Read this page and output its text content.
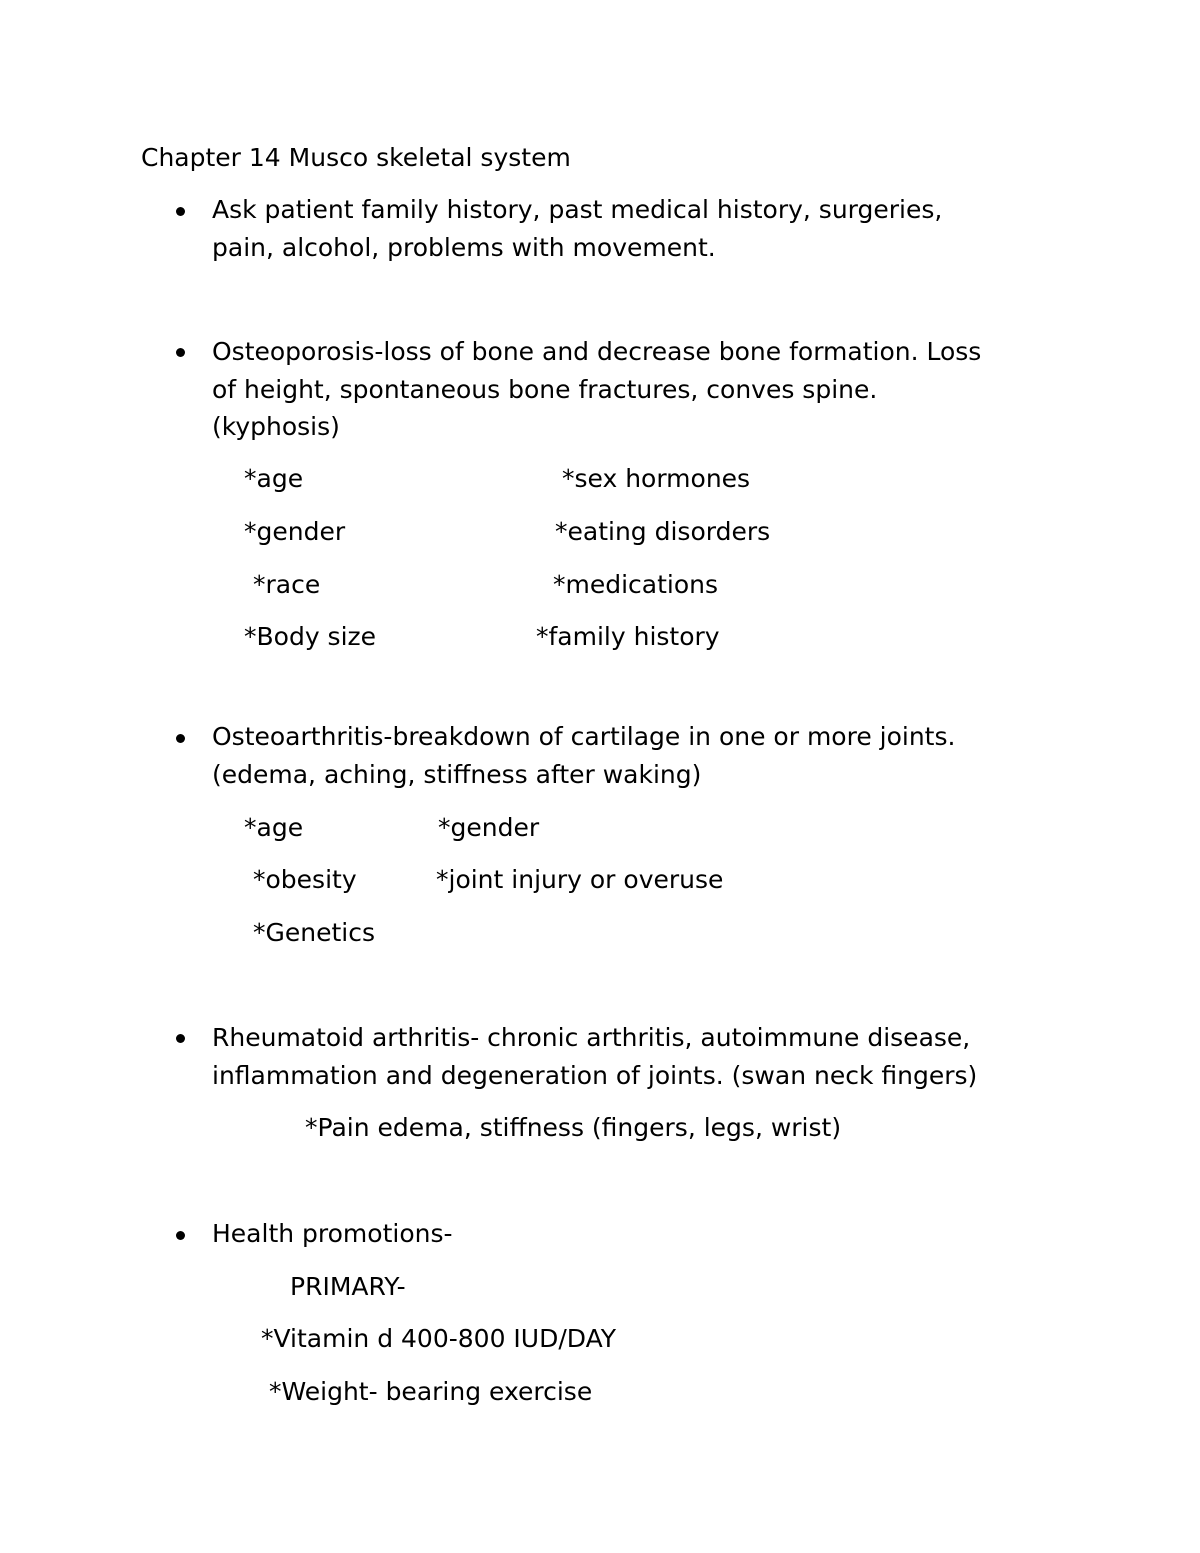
Chapter 14 Musco skeletal system

Ask patient family history, past medical history, surgeries,

pain, alcohol, problems with movement.

Osteoporosis-loss of bone and decrease bone formation. Loss

of height, spontaneous bone fractures, conves spine.

(kyphosis)

*age	*sex hormones

*gender	*eating disorders

*race	*medications

*Body size	*family history

Osteoarthritis-breakdown of cartilage in one or more joints.

(edema, aching, stiffness after waking)

*age	*gender

*obesity	*joint injury or overuse

*Genetics

Rheumatoid arthritis- chronic arthritis, autoimmune disease,

inflammation and degeneration of joints. (swan neck fingers)

*Pain edema, stiffness (fingers, legs, wrist)

Health promotions-

PRIMARY-

*Vitamin d 400-800 IUD/DAY

*Weight- bearing exercise
